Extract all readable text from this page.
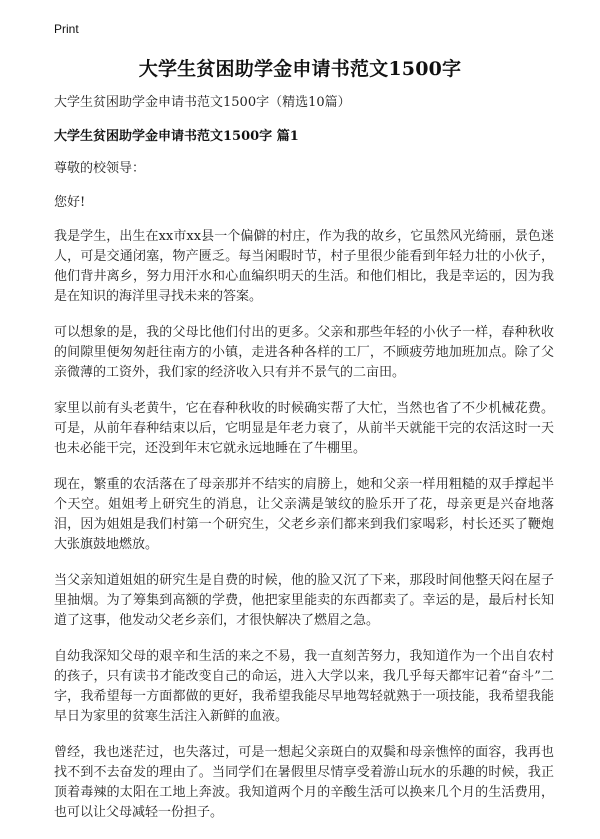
Print
大学生贫困助学金申请书范文1500字

大学生贫困助学金申请书范文1500字（精选10篇）

大学生贫困助学金申请书范文1500字 篇1

尊敬的校领导：

您好!

我是学生，出生在xx市xx县一个偏僻的村庄，作为我的故乡，它虽然风光绮丽，景色迷人，可是交通闭塞，物产匮乏。每当闲暇时节，村子里很少能看到年轻力壮的小伙子，他们背井离乡，努力用汗水和心血编织明天的生活。和他们相比，我是幸运的，因为我是在知识的海洋里寻找未来的答案。

可以想象的是，我的父母比他们付出的更多。父亲和那些年轻的小伙子一样，春种秋收的间隙里便匆匆赶往南方的小镇，走进各种各样的工厂，不顾疲劳地加班加点。除了父亲微薄的工资外，我们家的经济收入只有并不景气的二亩田。

家里以前有头老黄牛，它在春种秋收的时候确实帮了大忙，当然也省了不少机械花费。可是，从前年春种结束以后，它明显是年老力衰了，从前半天就能干完的农活这时一天也未必能干完，还没到年末它就永远地睡在了牛棚里。

现在，繁重的农活落在了母亲那并不结实的肩膀上，她和父亲一样用粗糙的双手撑起半个天空。姐姐考上研究生的消息，让父亲满是皱纹的脸乐开了花，母亲更是兴奋地落泪，因为姐姐是我们村第一个研究生，父老乡亲们都来到我们家喝彩，村长还买了鞭炮大张旗鼓地燃放。

当父亲知道姐姐的研究生是自费的时候，他的脸又沉了下来，那段时间他整天闷在屋子里抽烟。为了筹集到高额的学费，他把家里能卖的东西都卖了。幸运的是，最后村长知道了这事，他发动父老乡亲们，才很快解决了燃眉之急。

自幼我深知父母的艰辛和生活的来之不易，我一直刻苦努力，我知道作为一个出自农村的孩子，只有读书才能改变自己的命运，进入大学以来，我几乎每天都牢记着“奋斗”二字，我希望每一方面都做的更好，我希望我能尽早地驾轻就熟于一项技能，我希望我能早日为家里的贫寒生活注入新鲜的血液。

曾经，我也迷茫过，也失落过，可是一想起父亲斑白的双鬓和母亲憔悴的面容，我再也找不到不去奋发的理由了。当同学们在暑假里尽情享受着游山玩水的乐趣的时候，我正顶着毒辣的太阳在工地上奔波。我知道两个月的辛酸生活可以换来几个月的生活费用，也可以让父母减轻一份担子。
